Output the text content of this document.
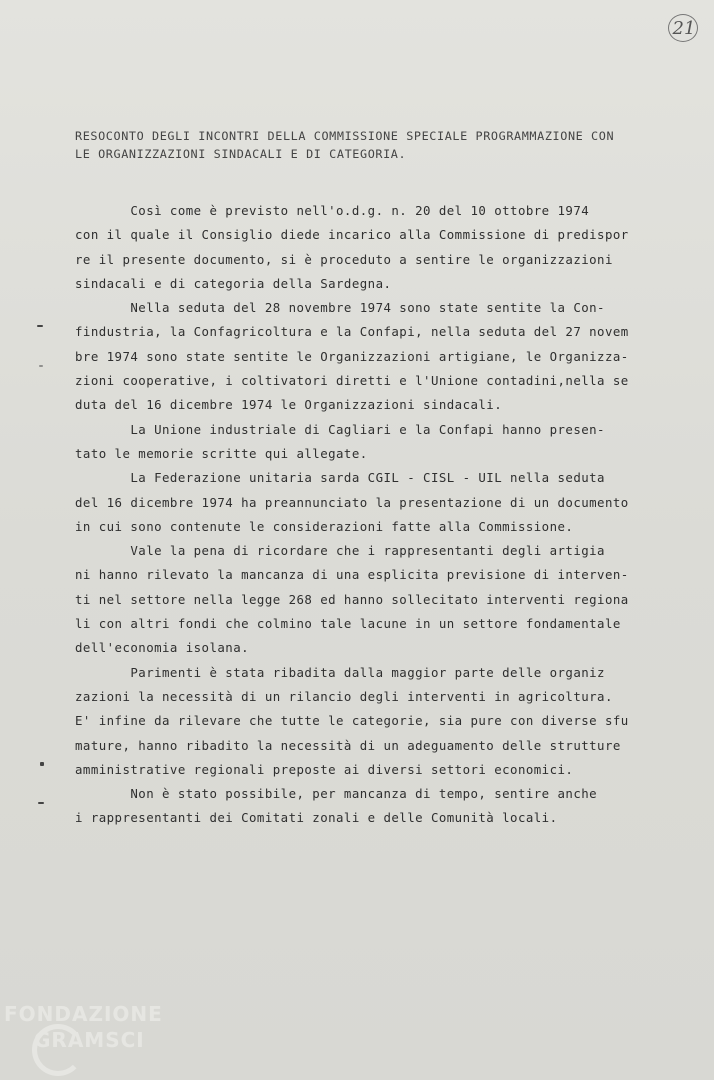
21
RESOCONTO DEGLI INCONTRI DELLA COMMISSIONE SPECIALE PROGRAMMAZIONE CON
LE ORGANIZZAZIONI SINDACALI E DI CATEGORIA.
Così come è previsto nell'o.d.g. n. 20 del 10 ottobre 1974
con il quale il Consiglio diede incarico alla Commissione di predispor
re il presente documento, si è proceduto a sentire le organizzazioni
sindacali e di categoria della Sardegna.
Nella seduta del 28 novembre 1974 sono state sentite la Con-
findustria, la Confagricoltura e la Confapi, nella seduta del 27 novem
bre 1974 sono state sentite le Organizzazioni artigiane, le Organizza-
zioni cooperative, i coltivatori diretti e l'Unione contadini,nella se
duta del 16 dicembre 1974 le Organizzazioni sindacali.
La Unione industriale di Cagliari e la Confapi hanno presen-
tato le memorie scritte qui allegate.
La Federazione unitaria sarda CGIL - CISL - UIL nella seduta
del 16 dicembre 1974 ha preannunciato la presentazione di un documento
in cui sono contenute le considerazioni fatte alla Commissione.
Vale la pena di ricordare che i rappresentanti degli artigia
ni hanno rilevato la mancanza di una esplicita previsione di interven-
ti nel settore nella legge 268 ed hanno sollecitato interventi regiona
li con altri fondi che colmino tale lacune in un settore fondamentale
dell'economia isolana.
Parimenti è stata ribadita dalla maggior parte delle organiz
zazioni la necessità di un rilancio degli interventi in agricoltura.
E' infine da rilevare che tutte le categorie, sia pure con diverse sfu
mature, hanno ribadito la necessità di un adeguamento delle strutture
amministrative regionali preposte ai diversi settori economici.
Non è stato possibile, per mancanza di tempo, sentire anche
i rappresentanti dei Comitati zonali e delle Comunità locali.
FONDAZIONE
GRAMSCI
